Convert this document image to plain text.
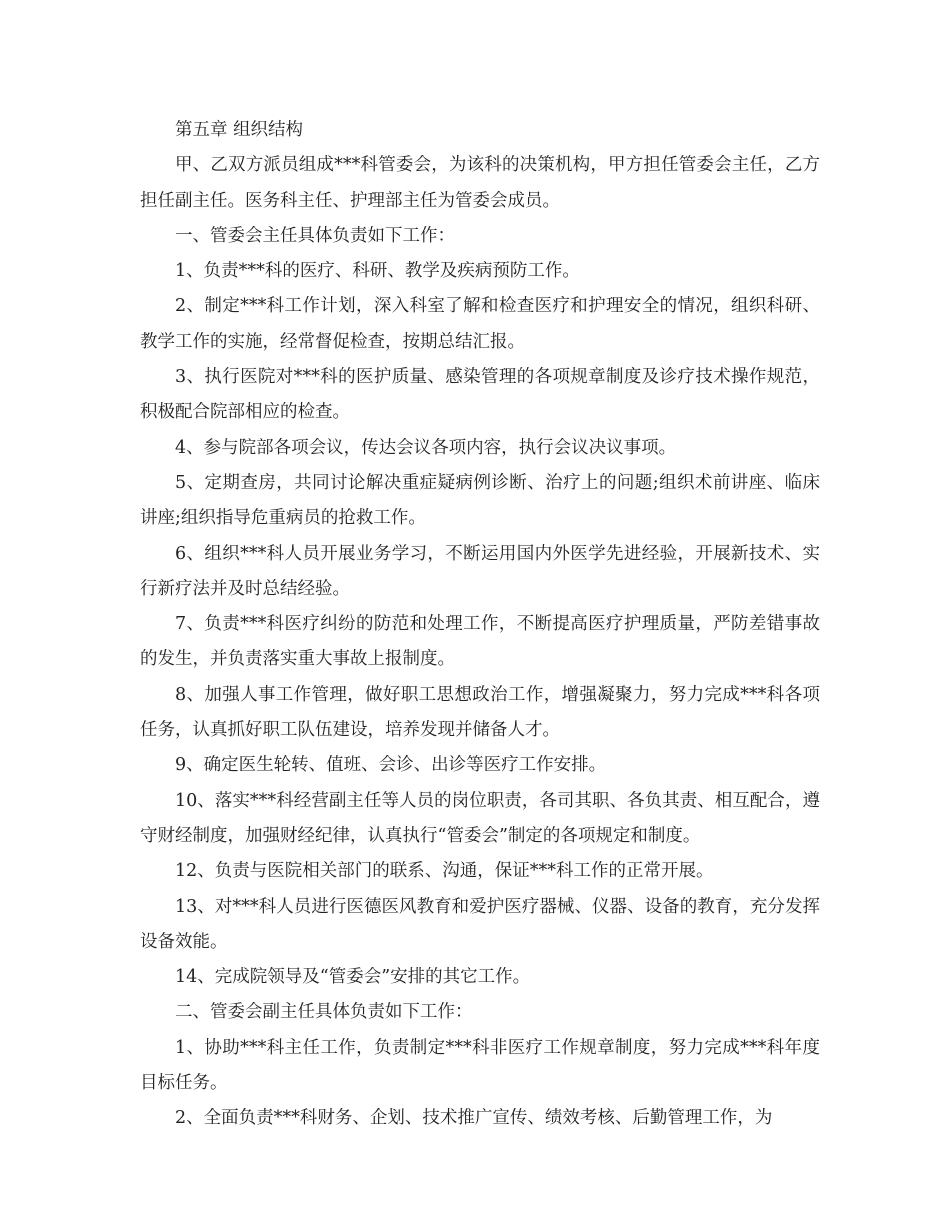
第五章 组织结构

甲、乙双方派员组成***科管委会，为该科的决策机构，甲方担任管委会主任，乙方担任副主任。医务科主任、护理部主任为管委会成员。

一、管委会主任具体负责如下工作：

1、负责***科的医疗、科研、教学及疾病预防工作。

2、制定***科工作计划，深入科室了解和检查医疗和护理安全的情况，组织科研、教学工作的实施，经常督促检查，按期总结汇报。

3、执行医院对***科的医护质量、感染管理的各项规章制度及诊疗技术操作规范，积极配合院部相应的检查。

4、参与院部各项会议，传达会议各项内容，执行会议决议事项。

5、定期查房，共同讨论解决重症疑病例诊断、治疗上的问题;组织术前讲座、临床讲座;组织指导危重病员的抢救工作。

6、组织***科人员开展业务学习，不断运用国内外医学先进经验，开展新技术、实行新疗法并及时总结经验。

7、负责***科医疗纠纷的防范和处理工作，不断提高医疗护理质量，严防差错事故的发生，并负责落实重大事故上报制度。

8、加强人事工作管理，做好职工思想政治工作，增强凝聚力，努力完成***科各项任务，认真抓好职工队伍建设，培养发现并储备人才。

9、确定医生轮转、值班、会诊、出诊等医疗工作安排。

10、落实***科经营副主任等人员的岗位职责，各司其职、各负其责、相互配合，遵守财经制度，加强财经纪律，认真执行“管委会”制定的各项规定和制度。

12、负责与医院相关部门的联系、沟通，保证***科工作的正常开展。

13、对***科人员进行医德医风教育和爱护医疗器械、仪器、设备的教育，充分发挥设备效能。

14、完成院领导及“管委会”安排的其它工作。

二、管委会副主任具体负责如下工作：

1、协助***科主任工作，负责制定***科非医疗工作规章制度，努力完成***科年度目标任务。

2、全面负责***科财务、企划、技术推广宣传、绩效考核、后勤管理工作，为
